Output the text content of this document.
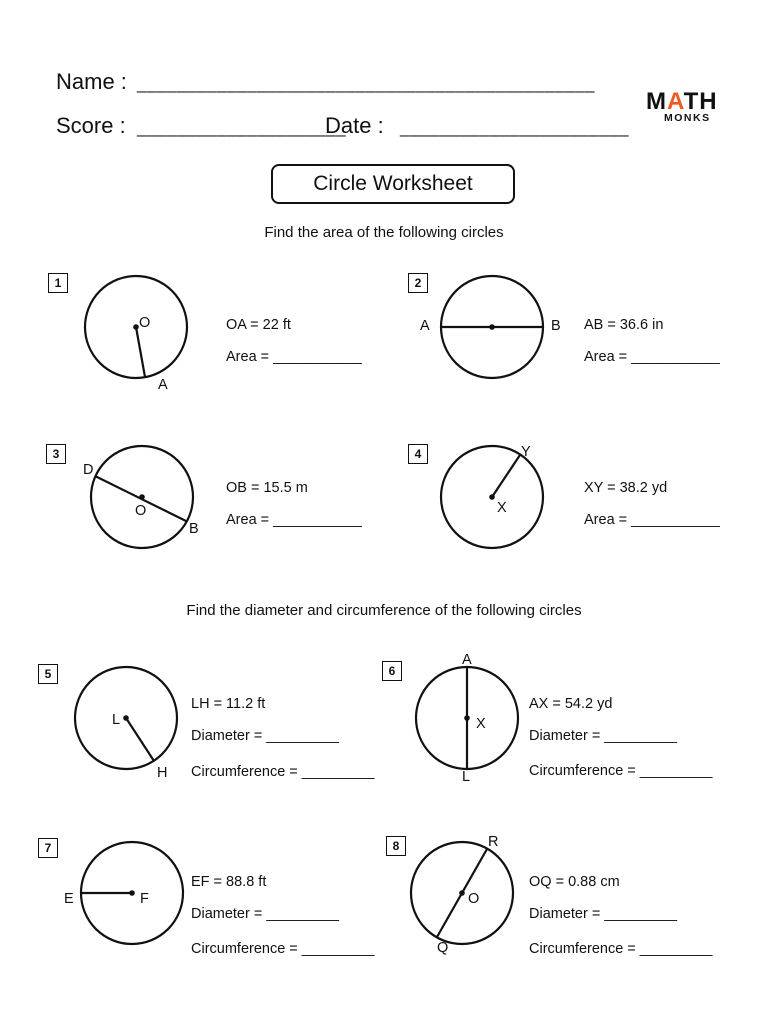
Name : ______________________________________________
Score : _____________________
Date : _______________________
MATH
MONKS
Circle Worksheet
Find the area of the following circles
Find the diameter and circumference of the following circles
1
O
A
OA = 22 ft
Area = ___________
2
A	B AB = 36.6 in
Area = ___________
3
D
O
B
OB = 15.5 m
Area = ___________
4	Y
X
XY = 38.2 yd
Area = ___________
5
L
H
LH = 11.2 ft
Diameter = _________
Circumference = _________
6
A
X
L
AX = 54.2 yd
Diameter = _________
Circumference = _________
7
E	F
EF = 88.8 ft
Diameter = _________
Circumference = _________
8	R
O
Q
OQ = 0.88 cm
Diameter = _________
Circumference = _________
